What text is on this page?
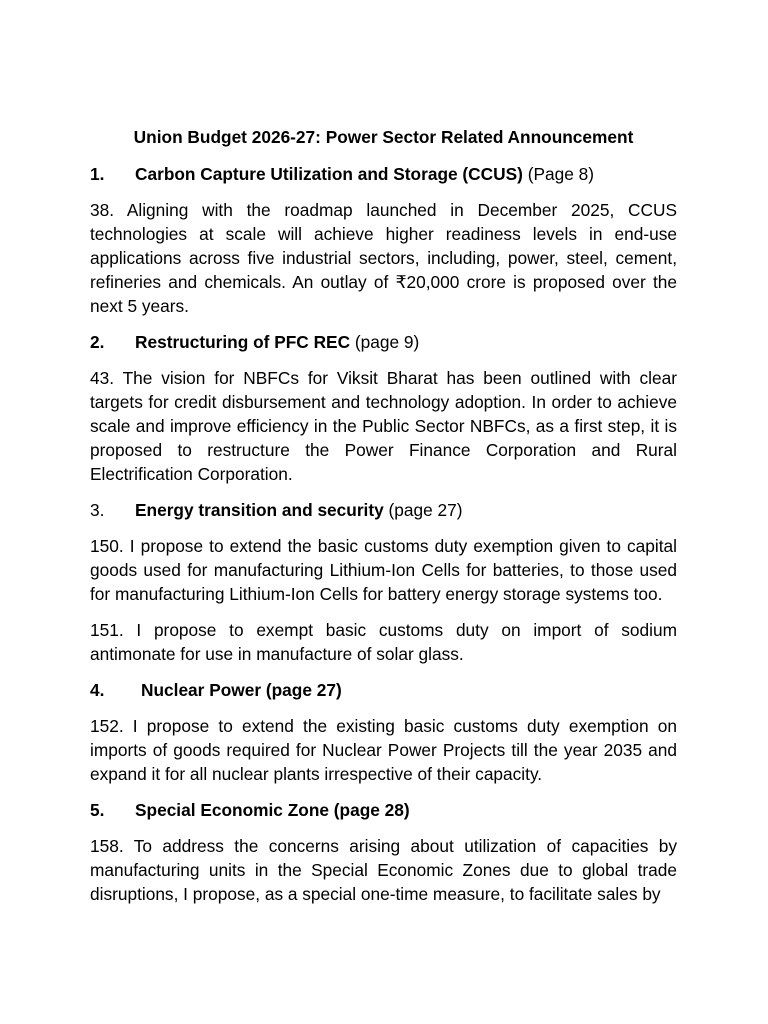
Union Budget 2026-27: Power Sector Related Announcement
1. Carbon Capture Utilization and Storage (CCUS) (Page 8)
38. Aligning with the roadmap launched in December 2025, CCUS technologies at scale will achieve higher readiness levels in end-use applications across five industrial sectors, including, power, steel, cement, refineries and chemicals. An outlay of ₹20,000 crore is proposed over the next 5 years.
2. Restructuring of PFC REC (page 9)
43. The vision for NBFCs for Viksit Bharat has been outlined with clear targets for credit disbursement and technology adoption. In order to achieve scale and improve efficiency in the Public Sector NBFCs, as a first step, it is proposed to restructure the Power Finance Corporation and Rural Electrification Corporation.
3. Energy transition and security (page 27)
150. I propose to extend the basic customs duty exemption given to capital goods used for manufacturing Lithium-Ion Cells for batteries, to those used for manufacturing Lithium-Ion Cells for battery energy storage systems too.
151. I propose to exempt basic customs duty on import of sodium antimonate for use in manufacture of solar glass.
4. Nuclear Power (page 27)
152. I propose to extend the existing basic customs duty exemption on imports of goods required for Nuclear Power Projects till the year 2035 and expand it for all nuclear plants irrespective of their capacity.
5. Special Economic Zone (page 28)
158. To address the concerns arising about utilization of capacities by manufacturing units in the Special Economic Zones due to global trade disruptions, I propose, as a special one-time measure, to facilitate sales by
